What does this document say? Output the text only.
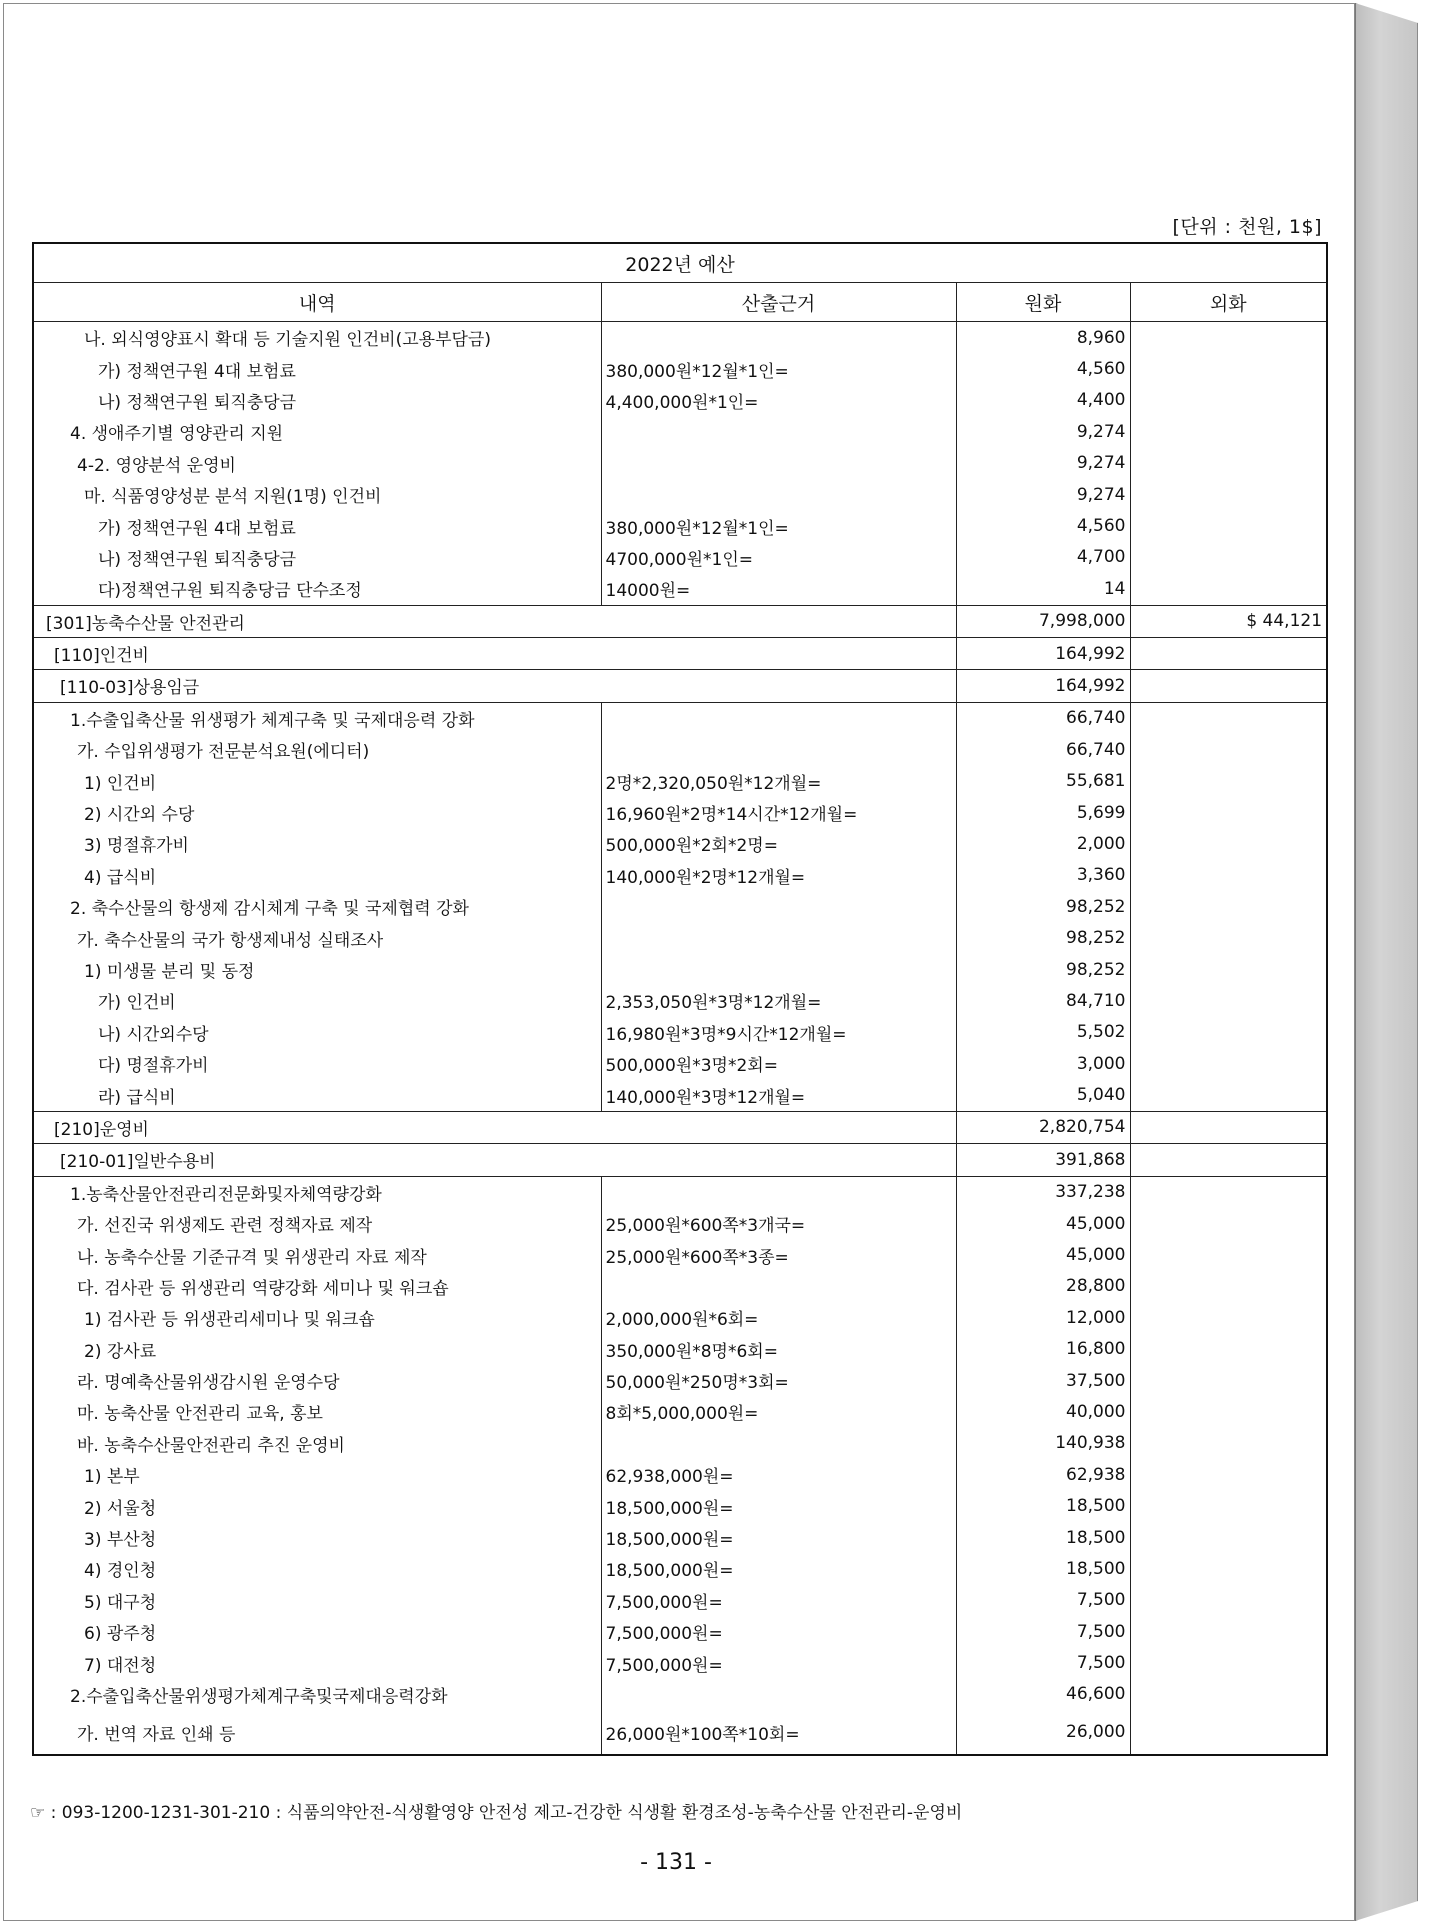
[단위 : 천원, 1$]
2022년 예산			
내역	산출근거	원화	외화
나. 외식영양표시 확대 등 기술지원 인건비(고용부담금)		8,960	
가) 정책연구원 4대 보험료	380,000원*12월*1인=	4,560	
나) 정책연구원 퇴직충당금	4,400,000원*1인=	4,400	
4. 생애주기별 영양관리 지원		9,274	
4-2. 영양분석 운영비		9,274	
마. 식품영양성분 분석 지원(1명) 인건비		9,274	
가) 정책연구원 4대 보험료	380,000원*12월*1인=	4,560	
나) 정책연구원 퇴직충당금	4700,000원*1인=	4,700	
다)정책연구원 퇴직충당금 단수조정	14000원=	14	
[301]농축수산물 안전관리		7,998,000	$ 44,121
[110]인건비		164,992	
[110-03]상용임금		164,992	
1.수출입축산물 위생평가 체계구축 및 국제대응력 강화		66,740	
가. 수입위생평가 전문분석요원(에디터)		66,740	
1) 인건비	2명*2,320,050원*12개월=	55,681	
2) 시간외 수당	16,960원*2명*14시간*12개월=	5,699	
3) 명절휴가비	500,000원*2회*2명=	2,000	
4) 급식비	140,000원*2명*12개월=	3,360	
2. 축수산물의 항생제 감시체계 구축 및 국제협력 강화		98,252	
가. 축수산물의 국가 항생제내성 실태조사		98,252	
1) 미생물 분리 및 동정		98,252	
가) 인건비	2,353,050원*3명*12개월=	84,710	
나) 시간외수당	16,980원*3명*9시간*12개월=	5,502	
다) 명절휴가비	500,000원*3명*2회=	3,000	
라) 급식비	140,000원*3명*12개월=	5,040	
[210]운영비		2,820,754	
[210-01]일반수용비		391,868	
1.농축산물안전관리전문화및자체역량강화		337,238	
가. 선진국 위생제도 관련 정책자료 제작	25,000원*600쪽*3개국=	45,000	
나. 농축수산물 기준규격 및 위생관리 자료 제작	25,000원*600쪽*3종=	45,000	
다. 검사관 등 위생관리 역량강화 세미나 및 워크숍		28,800	
1) 검사관 등 위생관리세미나 및 워크숍	2,000,000원*6회=	12,000	
2) 강사료	350,000원*8명*6회=	16,800	
라. 명예축산물위생감시원 운영수당	50,000원*250명*3회=	37,500	
마. 농축산물 안전관리 교육, 홍보	8회*5,000,000원=	40,000	
바. 농축수산물안전관리 추진 운영비		140,938	
1) 본부	62,938,000원=	62,938	
2) 서울청	18,500,000원=	18,500	
3) 부산청	18,500,000원=	18,500	
4) 경인청	18,500,000원=	18,500	
5) 대구청	7,500,000원=	7,500	
6) 광주청	7,500,000원=	7,500	
7) 대전청	7,500,000원=	7,500	
2.수출입축산물위생평가체계구축및국제대응력강화		46,600	
가. 번역 자료 인쇄 등	26,000원*100쪽*10회=	26,000	
☞ : 093-1200-1231-301-210 : 식품의약안전-식생활영양 안전성 제고-건강한 식생활 환경조성-농축수산물 안전관리-운영비
- 131 -
